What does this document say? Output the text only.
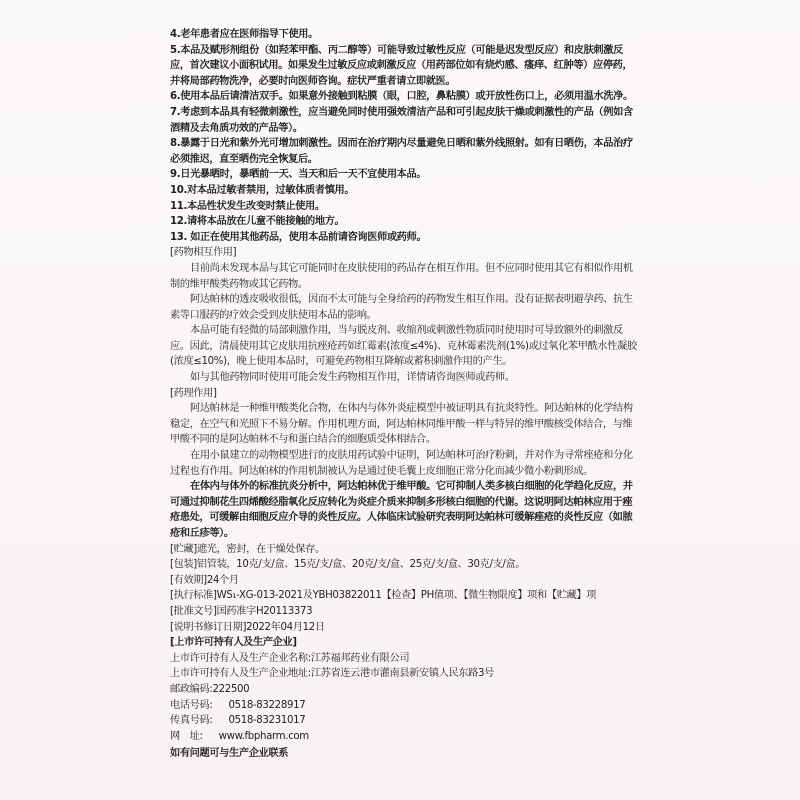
4.老年患者应在医师指导下使用。

5.本品及赋形剂组份（如羟苯甲酯、丙二醇等）可能导致过敏性反应（可能是迟发型反应）和皮肤刺激反应，首次建议小面积试用。如果发生过敏反应或刺激反应（用药部位如有烧灼感、瘙痒、红肿等）应停药，并将局部药物洗净，必要时向医师咨询。症状严重者请立即就医。

6.使用本品后请清洁双手。如果意外接触到粘膜（眼，口腔，鼻粘膜）或开放性伤口上，必须用温水洗净。

7.考虑到本品具有轻微刺激性，应当避免同时使用强效清洁产品和可引起皮肤干燥或刺激性的产品（例如含酒精及去角质功效的产品等）。

8.暴露于日光和紫外光可增加刺激性。因而在治疗期内尽量避免日晒和紫外线照射。如有日晒伤，本品治疗必须推迟，直至晒伤完全恢复后。

9.日光暴晒时，暴晒前一天、当天和后一天不宜使用本品。

10.对本品过敏者禁用，过敏体质者慎用。

11.本品性状发生改变时禁止使用。

12.请将本品放在儿童不能接触的地方。

13. 如正在使用其他药品，使用本品前请咨询医师或药师。

[药物相互作用]

目前尚未发现本品与其它可能同时在皮肤使用的药品存在相互作用。但不应同时使用其它有相似作用机制的维甲酸类药物或其它药物。

阿达帕林的透皮吸收很低，因而不太可能与全身给药的药物发生相互作用。没有证据表明避孕药、抗生素等口服药的疗效会受到皮肤使用本品的影响。

本品可能有轻微的局部刺激作用，当与脱皮剂、收缩剂或刺激性物质同时使用时可导致额外的刺激反应。因此，清晨使用其它皮肤用抗痤疮药如红霉素(浓度≤4%)、克林霉素洗剂(1%)或过氧化苯甲酰水性凝胶(浓度≤10%)，晚上使用本品时，可避免药物相互降解或蓄积刺激作用的产生。

如与其他药物同时使用可能会发生药物相互作用，详情请咨询医师或药师。

[药理作用]

阿达帕林是一种维甲酸类化合物，在体内与体外炎症模型中被证明具有抗炎特性。阿达帕林的化学结构稳定，在空气和光照下不易分解。作用机理方面，阿达帕林同维甲酸一样与特异的维甲酸核受体结合，与维甲酸不同的是阿达帕林不与和蛋白结合的细胞质受体相结合。

在用小鼠建立的动物模型进行的皮肤用药试验中证明，阿达帕林可治疗粉刺，并对作为寻常痤疮和分化过程也有作用。阿达帕林的作用机制被认为是通过使毛囊上皮细胞正常分化而减少微小粉刺形成。

在体内与体外的标准抗炎分析中，阿达帕林优于维甲酸。它可抑制人类多核白细胞的化学趋化反应，并可通过抑制花生四烯酸经脂氧化反应转化为炎症介质来抑制多形核白细胞的代谢。这说明阿达帕林应用于痤疮患处，可缓解由细胞反应介导的炎性反应。人体临床试验研究表明阿达帕林可缓解痤疮的炎性反应（如脓疮和丘疹等）。

[贮藏]遮光，密封，在干燥处保存。

[包装]铝管装，10克/支/盒、15克/支/盒、20克/支/盒、25克/支/盒、30克/支/盒。

[有效期]24个月

[执行标准]WS₁-XG-013-2021及YBH03822011【检查】PH值项、【微生物限度】项和【贮藏】项

[批准文号]国药准字H20113373

[说明书修订日期]2022年04月12日

[上市许可持有人及生产企业]

上市许可持有人及生产企业名称:江苏福邦药业有限公司

上市许可持有人及生产企业地址:江苏省连云港市灌南县新安镇人民东路3号

邮政编码:222500

电话号码: 0518-83228917

传真号码: 0518-83231017

网　址: www.fbpharm.com

如有问题可与生产企业联系
